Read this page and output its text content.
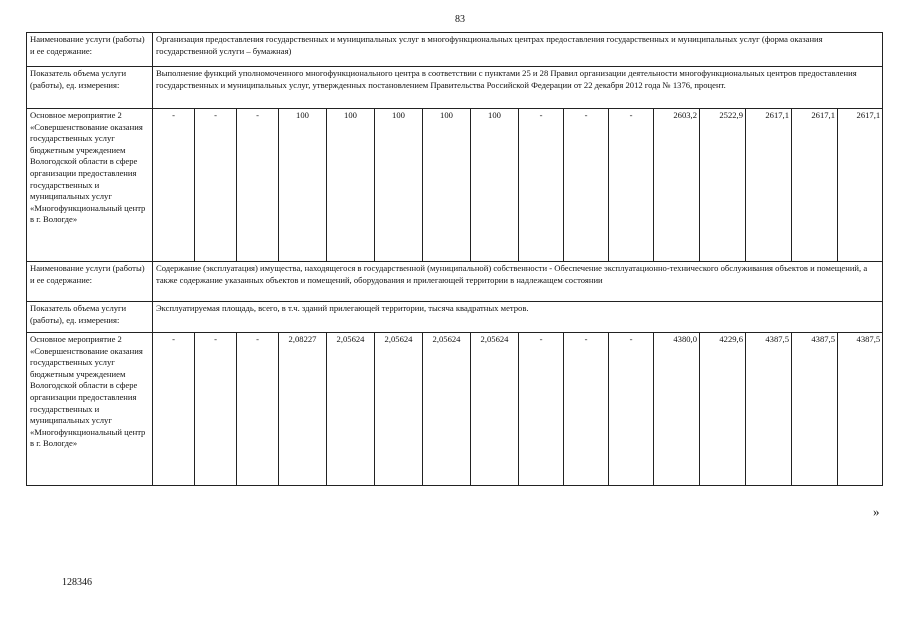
83
Наименование услуги (работы) и ее содержание:	Организация предоставления государственных и муниципальных услуг в многофункциональных центрах предоставления государственных и муниципальных услуг (форма оказания государственной услуги – бумажная)															
Показатель объема услуги (работы), ед. измерения:	Выполнение функций уполномоченного многофункционального центра в соответствии с пунктами 25 и 28 Правил организации деятельности многофункциональных центров предоставления государственных и муниципальных услуг, утвержденных постановлением Правительства Российской Федерации от 22 декабря 2012 года № 1376, процент.															
Основное мероприятие 2 «Совершенствование оказания государственных услуг бюджетным учреждением Вологодской области в сфере организации предоставления государственных и муниципальных услуг «Многофункциональный центр в г. Вологде»	-	-	-	100	100	100	100	100	-	-	-	2603,2	2522,9	2617,1	2617,1	2617,1
Наименование услуги (работы) и ее содержание:	Содержание (эксплуатация) имущества, находящегося в государственной (муниципальной) собственности - Обеспечение эксплуатационно-технического обслуживания объектов и помещений, а также содержание указанных объектов и помещений, оборудования и прилегающей территории в надлежащем состоянии															
Показатель объема услуги (работы), ед. измерения:	Эксплуатируемая площадь, всего, в т.ч. зданий прилегающей территории, тысяча квадратных метров.															
Основное мероприятие 2 «Совершенствование оказания государственных услуг бюджетным учреждением Вологодской области в сфере организации предоставления государственных и муниципальных услуг «Многофункциональный центр в г. Вологде»	-	-	-	2,08227	2,05624	2,05624	2,05624	2,05624	-	-	-	4380,0	4229,6	4387,5	4387,5	4387,5
»
128346
